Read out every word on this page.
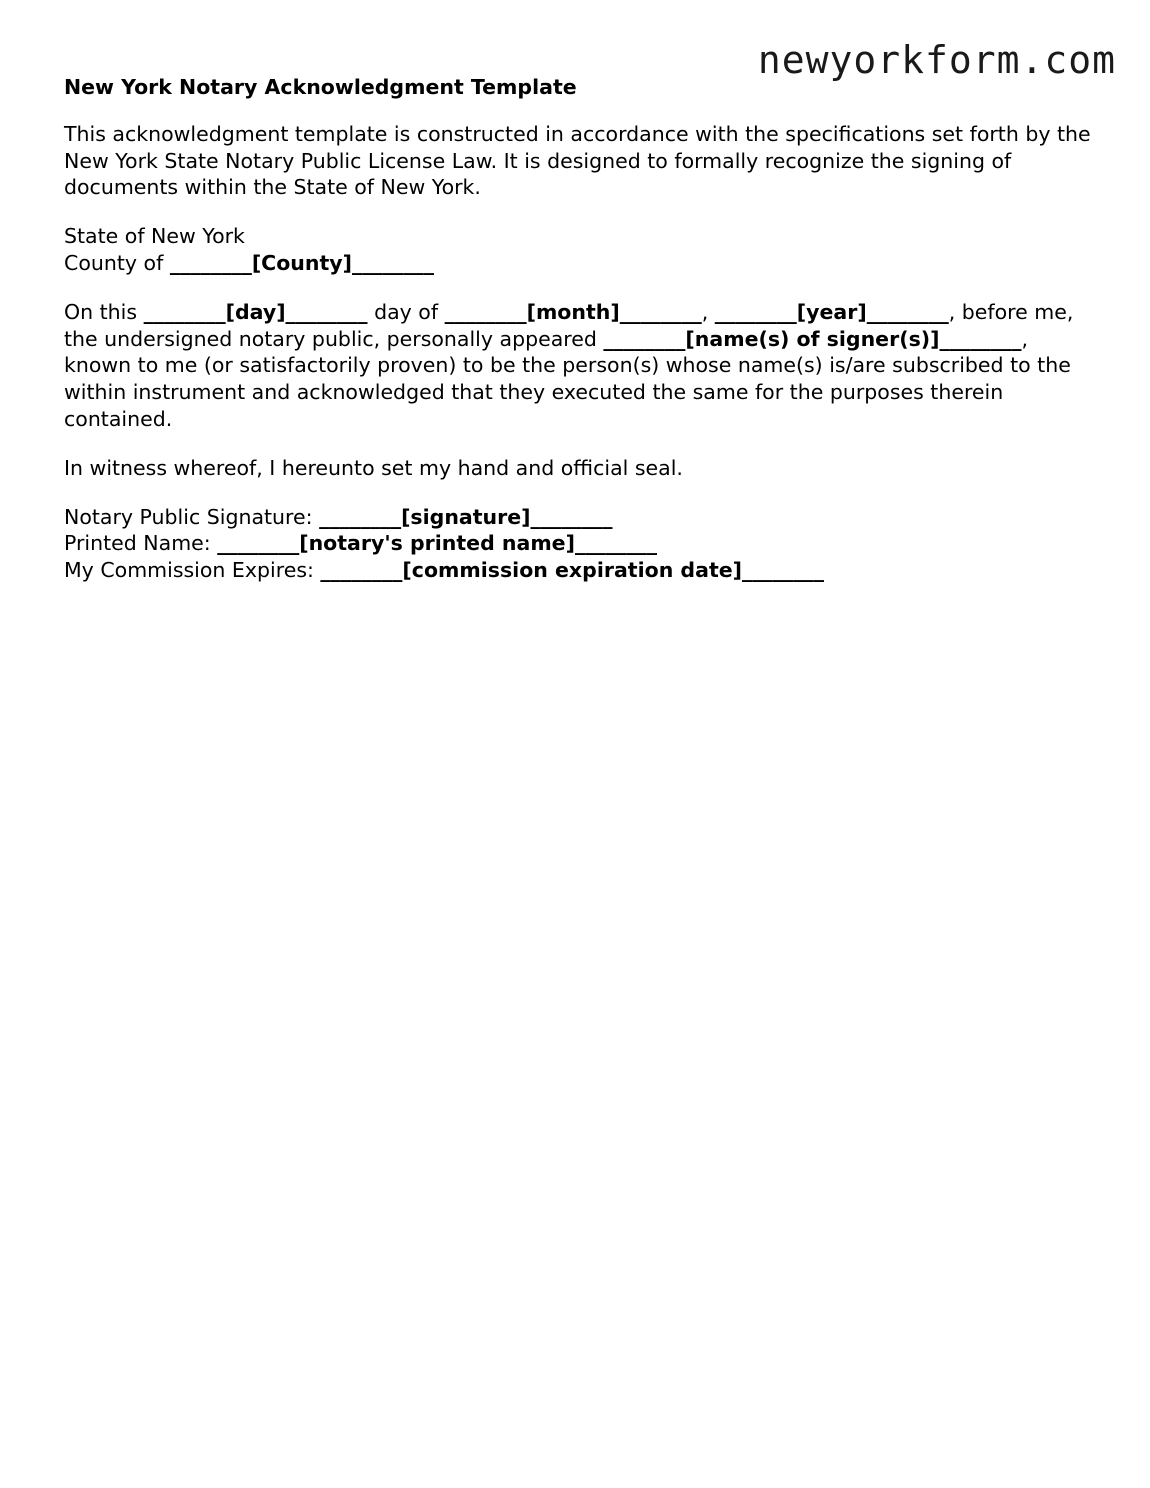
newyorkform.com
New York Notary Acknowledgment Template

This acknowledgment template is constructed in accordance with the specifications set forth by the New York State Notary Public License Law. It is designed to formally recognize the signing of documents within the State of New York.

State of New York
County of ________[County]________

On this ________[day]________ day of ________[month]________, ________[year]________, before me, the undersigned notary public, personally appeared ________[name(s) of signer(s)]________, known to me (or satisfactorily proven) to be the person(s) whose name(s) is/are subscribed to the within instrument and acknowledged that they executed the same for the purposes therein contained.

In witness whereof, I hereunto set my hand and official seal.

Notary Public Signature: ________[signature]________
Printed Name: ________[notary's printed name]________
My Commission Expires: ________[commission expiration date]________
